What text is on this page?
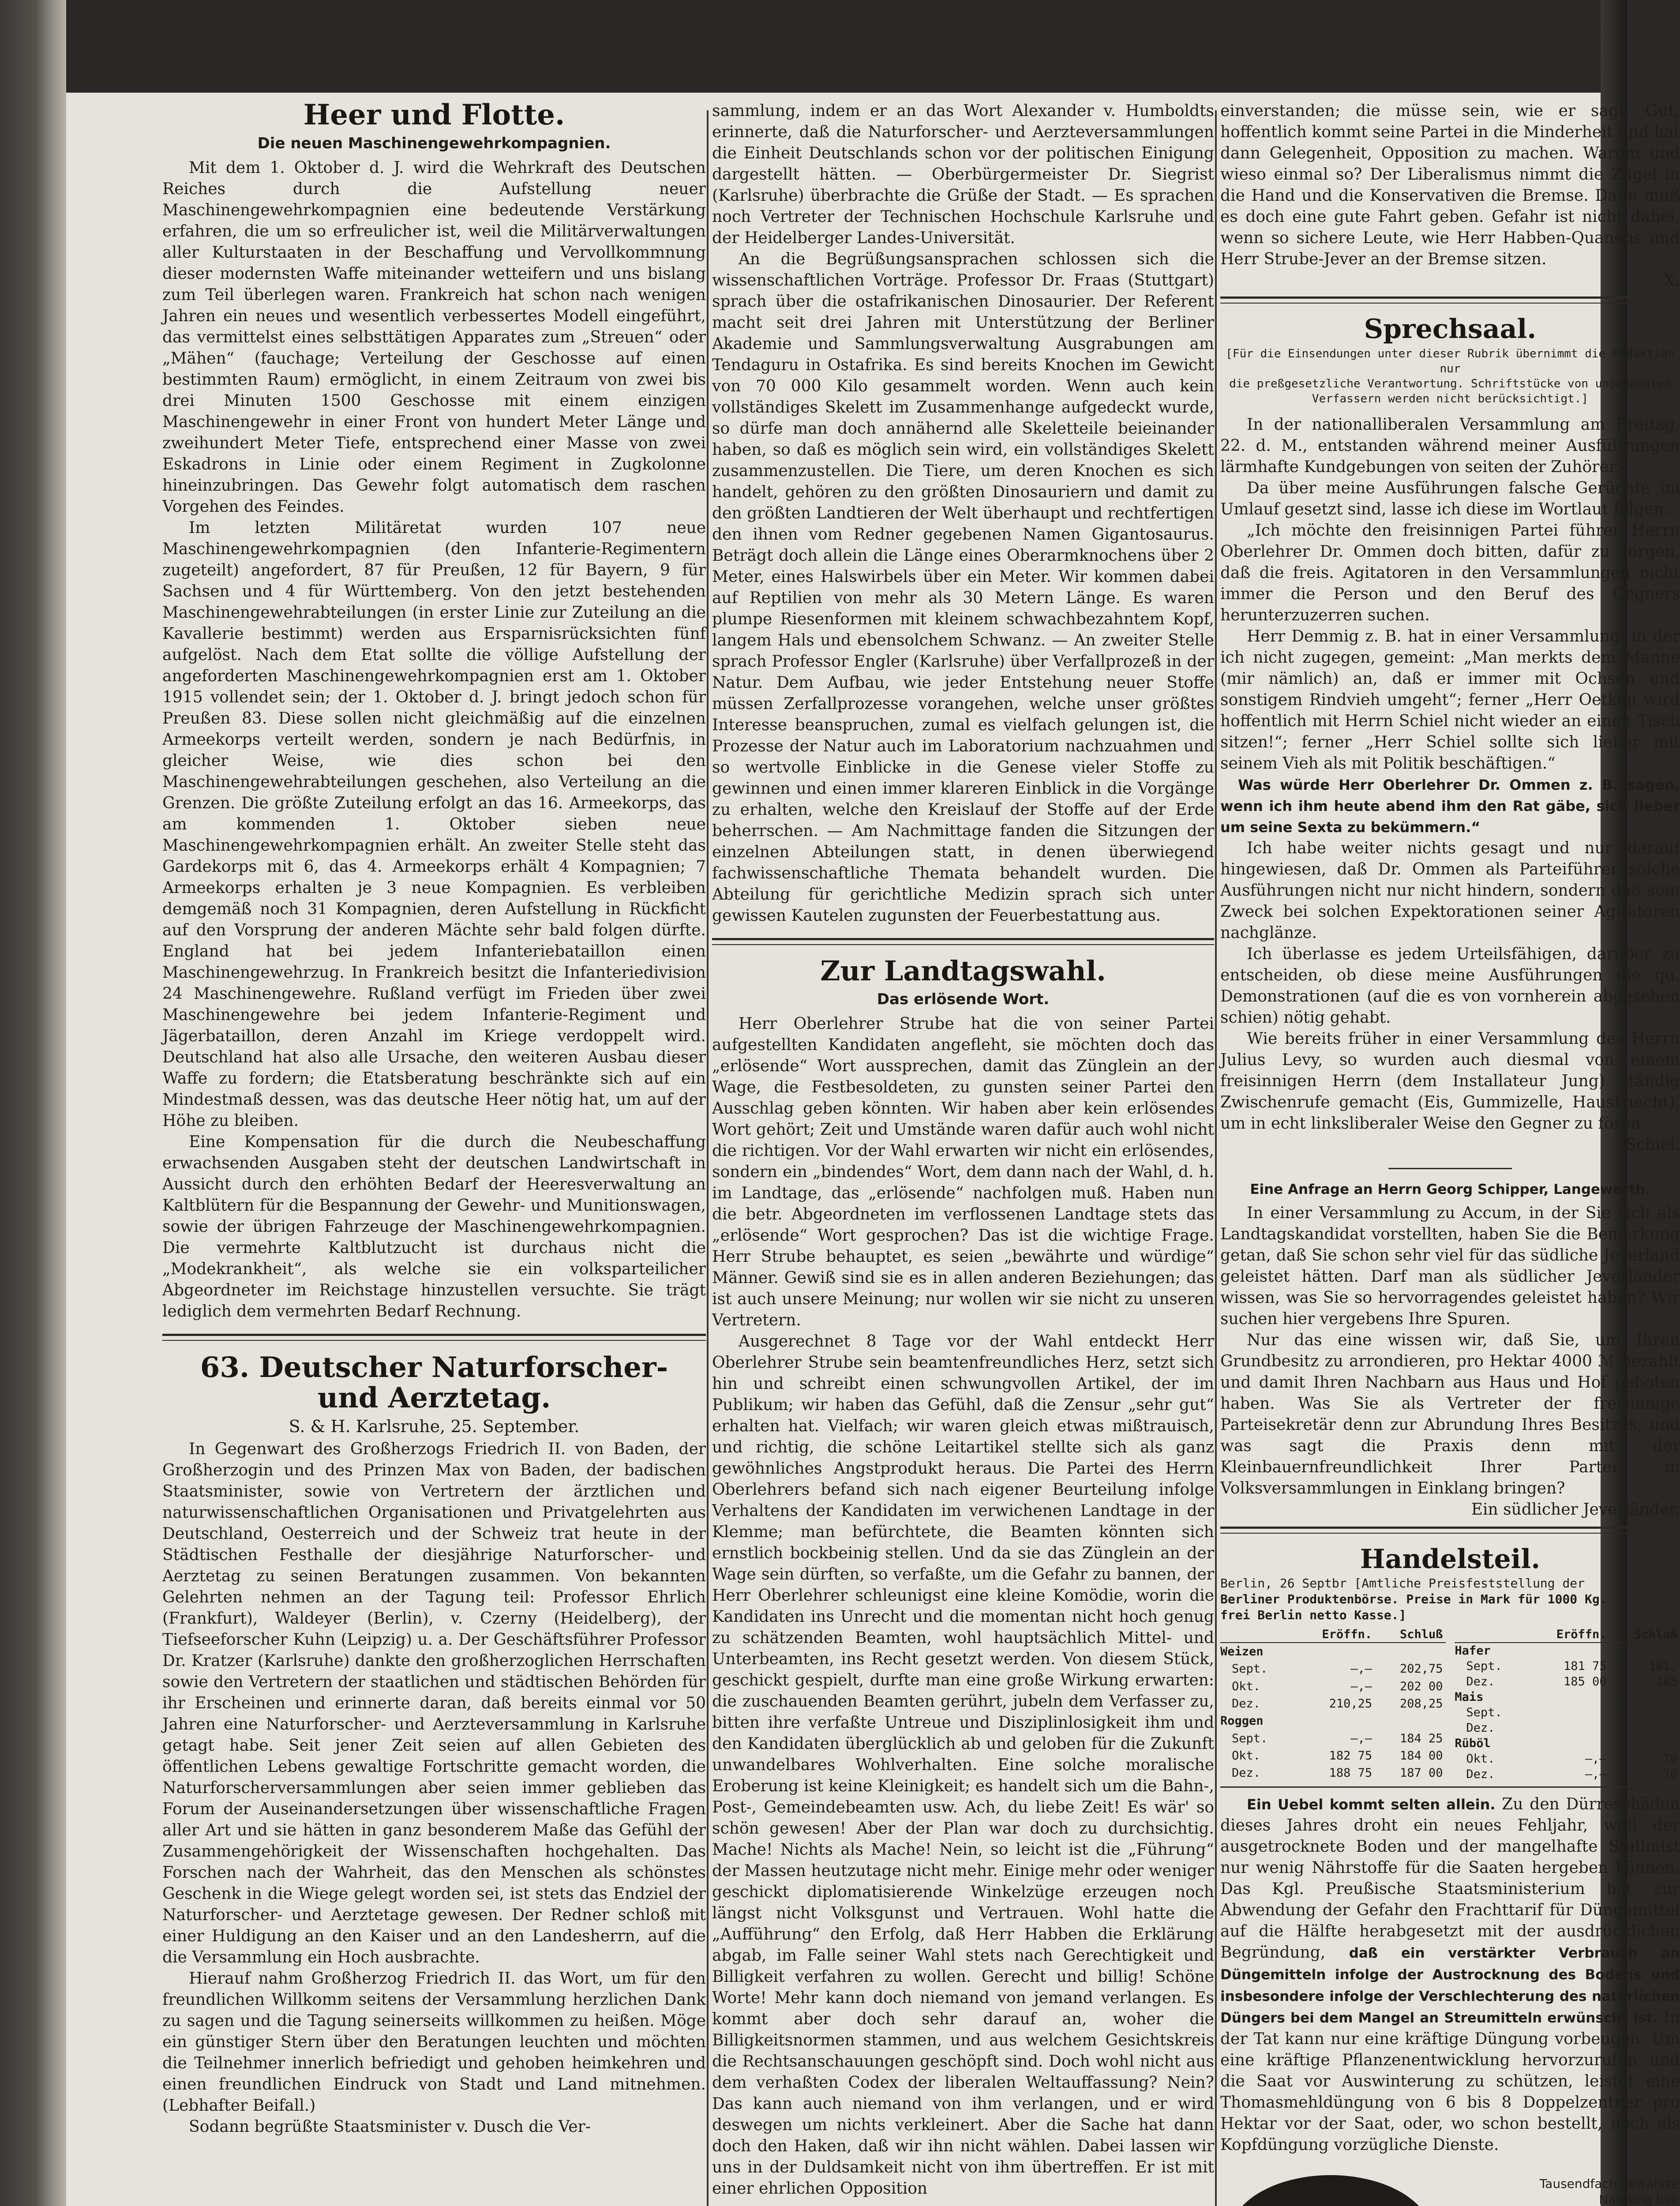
Heer und Flotte.
Die neuen Maschinengewehrkompagnien.

Mit dem 1. Oktober d. J. wird die Wehrkraft des Deutschen Reiches durch die Aufstellung neuer Maschinengewehrkompagnien eine bedeutende Verstärkung erfahren, die um so erfreulicher ist, weil die Militärverwaltungen aller Kulturstaaten in der Beschaffung und Vervollkommnung dieser modernsten Waffe miteinander wetteifern und uns bislang zum Teil überlegen waren. Frankreich hat schon nach wenigen Jahren ein neues und wesentlich verbessertes Modell eingeführt, das vermittelst eines selbsttätigen Apparates zum „Streuen“ oder „Mähen“ (fauchage; Verteilung der Geschosse auf einen bestimmten Raum) ermöglicht, in einem Zeitraum von zwei bis drei Minuten 1500 Geschosse mit einem einzigen Maschinengewehr in einer Front von hundert Meter Länge und zweihundert Meter Tiefe, entsprechend einer Masse von zwei Eskadrons in Linie oder einem Regiment in Zugkolonne hineinzubringen. Das Gewehr folgt automatisch dem raschen Vorgehen des Feindes.

Im letzten Militäretat wurden 107 neue Maschinengewehrkompagnien (den Infanterie-Regimentern zugeteilt) angefordert, 87 für Preußen, 12 für Bayern, 9 für Sachsen und 4 für Württemberg. Von den jetzt bestehenden Maschinengewehrabteilungen (in erster Linie zur Zuteilung an die Kavallerie bestimmt) werden aus Ersparnisrücksichten fünf aufgelöst. Nach dem Etat sollte die völlige Aufstellung der angeforderten Maschinengewehrkompagnien erst am 1. Oktober 1915 vollendet sein; der 1. Oktober d. J. bringt jedoch schon für Preußen 83. Diese sollen nicht gleichmäßig auf die einzelnen Armeekorps verteilt werden, sondern je nach Bedürfnis, in gleicher Weise, wie dies schon bei den Maschinengewehrabteilungen geschehen, also Verteilung an die Grenzen. Die größte Zuteilung erfolgt an das 16. Armeekorps, das am kommenden 1. Oktober sieben neue Maschinengewehrkompagnien erhält. An zweiter Stelle steht das Gardekorps mit 6, das 4. Armeekorps erhält 4 Kompagnien; 7 Armeekorps erhalten je 3 neue Kompagnien. Es verbleiben demgemäß noch 31 Kompagnien, deren Aufstellung in Rückficht auf den Vorsprung der anderen Mächte sehr bald folgen dürfte. England hat bei jedem Infanteriebataillon einen Maschinengewehrzug. In Frankreich besitzt die Infanteriedivision 24 Maschinengewehre. Rußland verfügt im Frieden über zwei Maschinengewehre bei jedem Infanterie-Regiment und Jägerbataillon, deren Anzahl im Kriege verdoppelt wird. Deutschland hat also alle Ursache, den weiteren Ausbau dieser Waffe zu fordern; die Etatsberatung beschränkte sich auf ein Mindestmaß dessen, was das deutsche Heer nötig hat, um auf der Höhe zu bleiben.

Eine Kompensation für die durch die Neubeschaffung erwachsenden Ausgaben steht der deutschen Landwirtschaft in Aussicht durch den erhöhten Bedarf der Heeresverwaltung an Kaltblütern für die Bespannung der Gewehr- und Munitionswagen, sowie der übrigen Fahrzeuge der Maschinengewehrkompagnien. Die vermehrte Kaltblutzucht ist durchaus nicht die „Modekrankheit“, als welche sie ein volksparteilicher Abgeordneter im Reichstage hinzustellen versuchte. Sie trägt lediglich dem vermehrten Bedarf Rechnung.

63. Deutscher Naturforscher-
und Aerztetag.
S. & H. Karlsruhe, 25. September.

In Gegenwart des Großherzogs Friedrich II. von Baden, der Großherzogin und des Prinzen Max von Baden, der badischen Staatsminister, sowie von Vertretern der ärztlichen und naturwissenschaftlichen Organisationen und Privatgelehrten aus Deutschland, Oesterreich und der Schweiz trat heute in der Städtischen Festhalle der diesjährige Naturforscher- und Aerztetag zu seinen Beratungen zusammen. Von bekannten Gelehrten nehmen an der Tagung teil: Professor Ehrlich (Frankfurt), Waldeyer (Berlin), v. Czerny (Heidelberg), der Tiefseeforscher Kuhn (Leipzig) u. a. Der Geschäftsführer Professor Dr. Kratzer (Karlsruhe) dankte den großherzoglichen Herrschaften sowie den Vertretern der staatlichen und städtischen Behörden für ihr Erscheinen und erinnerte daran, daß bereits einmal vor 50 Jahren eine Naturforscher- und Aerzteversammlung in Karlsruhe getagt habe. Seit jener Zeit seien auf allen Gebieten des öffentlichen Lebens gewaltige Fortschritte gemacht worden, die Naturforscherversammlungen aber seien immer geblieben das Forum der Auseinandersetzungen über wissenschaftliche Fragen aller Art und sie hätten in ganz besonderem Maße das Gefühl der Zusammengehörigkeit der Wissenschaften hochgehalten. Das Forschen nach der Wahrheit, das den Menschen als schönstes Geschenk in die Wiege gelegt worden sei, ist stets das Endziel der Naturforscher- und Aerztetage gewesen. Der Redner schloß mit einer Huldigung an den Kaiser und an den Landesherrn, auf die die Versammlung ein Hoch ausbrachte.

Hierauf nahm Großherzog Friedrich II. das Wort, um für den freundlichen Willkomm seitens der Versammlung herzlichen Dank zu sagen und die Tagung seinerseits willkommen zu heißen. Möge ein günstiger Stern über den Beratungen leuchten und möchten die Teilnehmer innerlich befriedigt und gehoben heimkehren und einen freundlichen Eindruck von Stadt und Land mitnehmen. (Lebhafter Beifall.)

Sodann begrüßte Staatsminister v. Dusch die Ver-

sammlung, indem er an das Wort Alexander v. Humboldts erinnerte, daß die Naturforscher- und Aerzteversammlungen die Einheit Deutschlands schon vor der politischen Einigung dargestellt hätten. — Oberbürgermeister Dr. Siegrist (Karlsruhe) überbrachte die Grüße der Stadt. — Es sprachen noch Vertreter der Technischen Hochschule Karlsruhe und der Heidelberger Landes-Universität.

An die Begrüßungsansprachen schlossen sich die wissenschaftlichen Vorträge. Professor Dr. Fraas (Stuttgart) sprach über die ostafrikanischen Dinosaurier. Der Referent macht seit drei Jahren mit Unterstützung der Berliner Akademie und Sammlungsverwaltung Ausgrabungen am Tendaguru in Ostafrika. Es sind bereits Knochen im Gewicht von 70 000 Kilo gesammelt worden. Wenn auch kein vollständiges Skelett im Zusammenhange aufgedeckt wurde, so dürfe man doch annähernd alle Skeletteile beieinander haben, so daß es möglich sein wird, ein vollständiges Skelett zusammenzustellen. Die Tiere, um deren Knochen es sich handelt, gehören zu den größten Dinosauriern und damit zu den größten Landtieren der Welt überhaupt und rechtfertigen den ihnen vom Redner gegebenen Namen Gigantosaurus. Beträgt doch allein die Länge eines Oberarmknochens über 2 Meter, eines Halswirbels über ein Meter. Wir kommen dabei auf Reptilien von mehr als 30 Metern Länge. Es waren plumpe Riesenformen mit kleinem schwachbezahntem Kopf, langem Hals und ebensolchem Schwanz. — An zweiter Stelle sprach Professor Engler (Karlsruhe) über Verfallprozeß in der Natur. Dem Aufbau, wie jeder Entstehung neuer Stoffe müssen Zerfallprozesse vorangehen, welche unser größtes Interesse beanspruchen, zumal es vielfach gelungen ist, die Prozesse der Natur auch im Laboratorium nachzuahmen und so wertvolle Einblicke in die Genese vieler Stoffe zu gewinnen und einen immer klareren Einblick in die Vorgänge zu erhalten, welche den Kreislauf der Stoffe auf der Erde beherrschen. — Am Nachmittage fanden die Sitzungen der einzelnen Abteilungen statt, in denen überwiegend fachwissenschaftliche Themata behandelt wurden. Die Abteilung für gerichtliche Medizin sprach sich unter gewissen Kautelen zugunsten der Feuerbestattung aus.

Zur Landtagswahl.
Das erlösende Wort.

Herr Oberlehrer Strube hat die von seiner Partei aufgestellten Kandidaten angefleht, sie möchten doch das „erlösende“ Wort aussprechen, damit das Zünglein an der Wage, die Festbesoldeten, zu gunsten seiner Partei den Ausschlag geben könnten. Wir haben aber kein erlösendes Wort gehört; Zeit und Umstände waren dafür auch wohl nicht die richtigen. Vor der Wahl erwarten wir nicht ein erlösendes, sondern ein „bindendes“ Wort, dem dann nach der Wahl, d. h. im Landtage, das „erlösende“ nachfolgen muß. Haben nun die betr. Abgeordneten im verflossenen Landtage stets das „erlösende“ Wort gesprochen? Das ist die wichtige Frage. Herr Strube behauptet, es seien „bewährte und würdige“ Männer. Gewiß sind sie es in allen anderen Beziehungen; das ist auch unsere Meinung; nur wollen wir sie nicht zu unseren Vertretern.

Ausgerechnet 8 Tage vor der Wahl entdeckt Herr Oberlehrer Strube sein beamtenfreundliches Herz, setzt sich hin und schreibt einen schwungvollen Artikel, der im Publikum; wir haben das Gefühl, daß die Zensur „sehr gut“ erhalten hat. Vielfach; wir waren gleich etwas mißtrauisch, und richtig, die schöne Leitartikel stellte sich als ganz gewöhnliches Angstprodukt heraus. Die Partei des Herrn Oberlehrers befand sich nach eigener Beurteilung infolge Verhaltens der Kandidaten im verwichenen Landtage in der Klemme; man befürchtete, die Beamten könnten sich ernstlich bockbeinig stellen. Und da sie das Zünglein an der Wage sein dürften, so verfaßte, um die Gefahr zu bannen, der Herr Oberlehrer schleunigst eine kleine Komödie, worin die Kandidaten ins Unrecht und die momentan nicht hoch genug zu schätzenden Beamten, wohl hauptsächlich Mittel- und Unterbeamten, ins Recht gesetzt werden. Von diesem Stück, geschickt gespielt, durfte man eine große Wirkung erwarten: die zuschauenden Beamten gerührt, jubeln dem Verfasser zu, bitten ihre verfaßte Untreue und Disziplinlosigkeit ihm und den Kandidaten überglücklich ab und geloben für die Zukunft unwandelbares Wohlverhalten. Eine solche moralische Eroberung ist keine Kleinigkeit; es handelt sich um die Bahn-, Post-, Gemeindebeamten usw. Ach, du liebe Zeit! Es wär' so schön gewesen! Aber der Plan war doch zu durchsichtig. Mache! Nichts als Mache! Nein, so leicht ist die „Führung“ der Massen heutzutage nicht mehr. Einige mehr oder weniger geschickt diplomatisierende Winkelzüge erzeugen noch längst nicht Volksgunst und Vertrauen. Wohl hatte die „Aufführung“ den Erfolg, daß Herr Habben die Erklärung abgab, im Falle seiner Wahl stets nach Gerechtigkeit und Billigkeit verfahren zu wollen. Gerecht und billig! Schöne Worte! Mehr kann doch niemand von jemand verlangen. Es kommt aber doch sehr darauf an, woher die Billigkeitsnormen stammen, und aus welchem Gesichtskreis die Rechtsanschauungen geschöpft sind. Doch wohl nicht aus dem verhaßten Codex der liberalen Weltauffassung? Nein? Das kann auch niemand von ihm verlangen, und er wird deswegen um nichts verkleinert. Aber die Sache hat dann doch den Haken, daß wir ihn nicht wählen. Dabei lassen wir uns in der Duldsamkeit nicht von ihm übertreffen. Er ist mit einer ehrlichen Opposition

einverstanden; die müsse sein, wie er sagt. Gut; hoffentlich kommt seine Partei in die Minderheit und hat dann Gelegenheit, Opposition zu machen. Warum und wieso einmal so? Der Liberalismus nimmt die Zügel in die Hand und die Konservativen die Bremse. Dann muß es doch eine gute Fahrt geben. Gefahr ist nicht dabei, wenn so sichere Leute, wie Herr Habben-Quanens und Herr Strube-Jever an der Bremse sitzen.

X.
Sprechsaal.
[Für die Einsendungen unter dieser Rubrik übernimmt die Redaktion nur
die preßgesetzliche Verantwortung. Schriftstücke von ungenannten
Verfassern werden nicht berücksichtigt.]

In der nationalliberalen Versammlung am Freitag, 22. d. M., entstanden während meiner Ausführungen lärmhafte Kundgebungen von seiten der Zuhörer.

Da über meine Ausführungen falsche Gerüchte im Umlauf gesetzt sind, lasse ich diese im Wortlaut folgen:

„Ich möchte den freisinnigen Partei führer Herrn Oberlehrer Dr. Ommen doch bitten, dafür zu sorgen, daß die freis. Agitatoren in den Versammlungen nicht immer die Person und den Beruf des Gegners herunterzuzerren suchen.

Herr Demmig z. B. hat in einer Versammlung, in der ich nicht zugegen, gemeint: „Man merkts dem Manne (mir nämlich) an, daß er immer mit Ochsen und sonstigem Rindvieh umgeht“; ferner „Herr Oetken wird hoffentlich mit Herrn Schiel nicht wieder an einen Tisch sitzen!“; ferner „Herr Schiel sollte sich lieber mit seinem Vieh als mit Politik beschäftigen.“

Was würde Herr Oberlehrer Dr. Ommen z. B. sagen, wenn ich ihm heute abend ihm den Rat gäbe, sich lieber um seine Sexta zu bekümmern.“

Ich habe weiter nichts gesagt und nur darauf hingewiesen, daß Dr. Ommen als Parteiführer solche Ausführungen nicht nur nicht hindern, sondern daß sein Zweck bei solchen Expektorationen seiner Agitatoren nachglänze.

Ich überlasse es jedem Urteilsfähigen, darüber zu entscheiden, ob diese meine Ausführungen die qu. Demonstrationen (auf die es von vornherein abgesehen schien) nötig gehabt.

Wie bereits früher in einer Versammlung des Herrn Julius Levy, so wurden auch diesmal von einem freisinnigen Herrn (dem Installateur Jung) ständig Zwischenrufe gemacht (Eis, Gummizelle, Hausknecht), um in echt linksliberaler Weise den Gegner zu fören.

Schiel.
Eine Anfrage an Herrn Georg Schipper, Langewerth.

In einer Versammlung zu Accum, in der Sie sich als Landtagskandidat vorstellten, haben Sie die Bemerkung getan, daß Sie schon sehr viel für das südliche Jeverland geleistet hätten. Darf man als südlicher Jeverländer wissen, was Sie so hervorragendes geleistet haben? Wir suchen hier vergebens Ihre Spuren.

Nur das eine wissen wir, daß Sie, um Ihren Grundbesitz zu arrondieren, pro Hektar 4000 ℳ bezahlt und damit Ihren Nachbarn aus Haus und Hof geboten haben. Was Sie als Vertreter der freisinnige Parteisekretär denn zur Abrundung Ihres Besitzes, und was sagt die Praxis denn mit der Kleinbauernfreundlichkeit Ihrer Partei in Volksversammlungen in Einklang bringen?

Ein südlicher Jeverländer.
Handelsteil.
Berlin, 26 Septbr [Amtliche Preisfeststellung der
Berliner Produktenbörse. Preise in Mark für 1000 Kg.
frei Berlin netto Kasse.]
	Eröffn.	Schluß
Weizen		
Sept.	—,—	202,75
Okt.	—,—	202 00
Dez.	210,25	208,25

Roggen		
Sept.	—,—	184 25
Okt.	182 75	184 00
Dez.	188 75	187 00
	Eröffn.	Schluß
Hafer		
Sept.	181 75	181,
Dez.	185 00	185
Mais		
Sept.		
Dez.		

Rüböl		
Okt.	—,—	70
Dez.	—,—	70

Ein Uebel kommt selten allein. Zu den Dürreschäden dieses Jahres droht ein neues Fehljahr, weil der ausgetrocknete Boden und der mangelhafte Stallmist nur wenig Nährstoffe für die Saaten hergeben können. Das Kgl. Preußische Staatsministerium hat zur Abwendung der Gefahr den Frachttarif für Düngemittel auf die Hälfte herabgesetzt mit der ausdrücklichen Begründung, daß ein verstärkter Verbrauch an Düngemitteln infolge der Austrocknung des Bodens und insbesondere infolge der Verschlechterung des natürlichen Düngers bei dem Mangel an Streumitteln erwünscht ist. In der Tat kann nur eine kräftige Düngung vorbeugen. Um eine kräftige Pflanzenentwicklung hervorzurufen und die Saat vor Auswinterung zu schützen, leistet eine Thomasmehldüngung von 6 bis 8 Doppelzentner pro Hektar vor der Saat, oder, wo schon bestellt, noch als Kopfdüngung vorzügliche Dienste.

Tausendfach bewährte
Nahrung bei:
